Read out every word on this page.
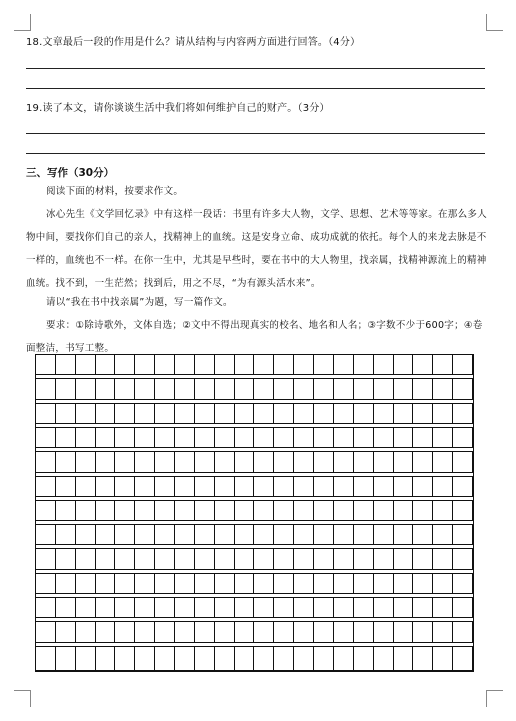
18.文章最后一段的作用是什么？请从结构与内容两方面进行回答。（4分）
19.读了本文，请你谈谈生活中我们将如何维护自己的财产。（3分）
三、写作（30分）
阅读下面的材料，按要求作文。
冰心先生《文学回忆录》中有这样一段话：书里有许多大人物，文学、思想、艺术等等家。在那么多人物中间，要找你们自己的亲人，找精神上的血统。这是安身立命、成功成就的依托。每个人的来龙去脉是不一样的，血统也不一样。在你一生中，尤其是早些时，要在书中的大人物里，找亲属，找精神源流上的精神血统。找不到，一生茫然；找到后，用之不尽，“为有源头活水来”。
请以“我在书中找亲属”为题，写一篇作文。
要求：①除诗歌外，文体自选；②文中不得出现真实的校名、地名和人名；③字数不少于600字；④卷面整洁，书写工整。
